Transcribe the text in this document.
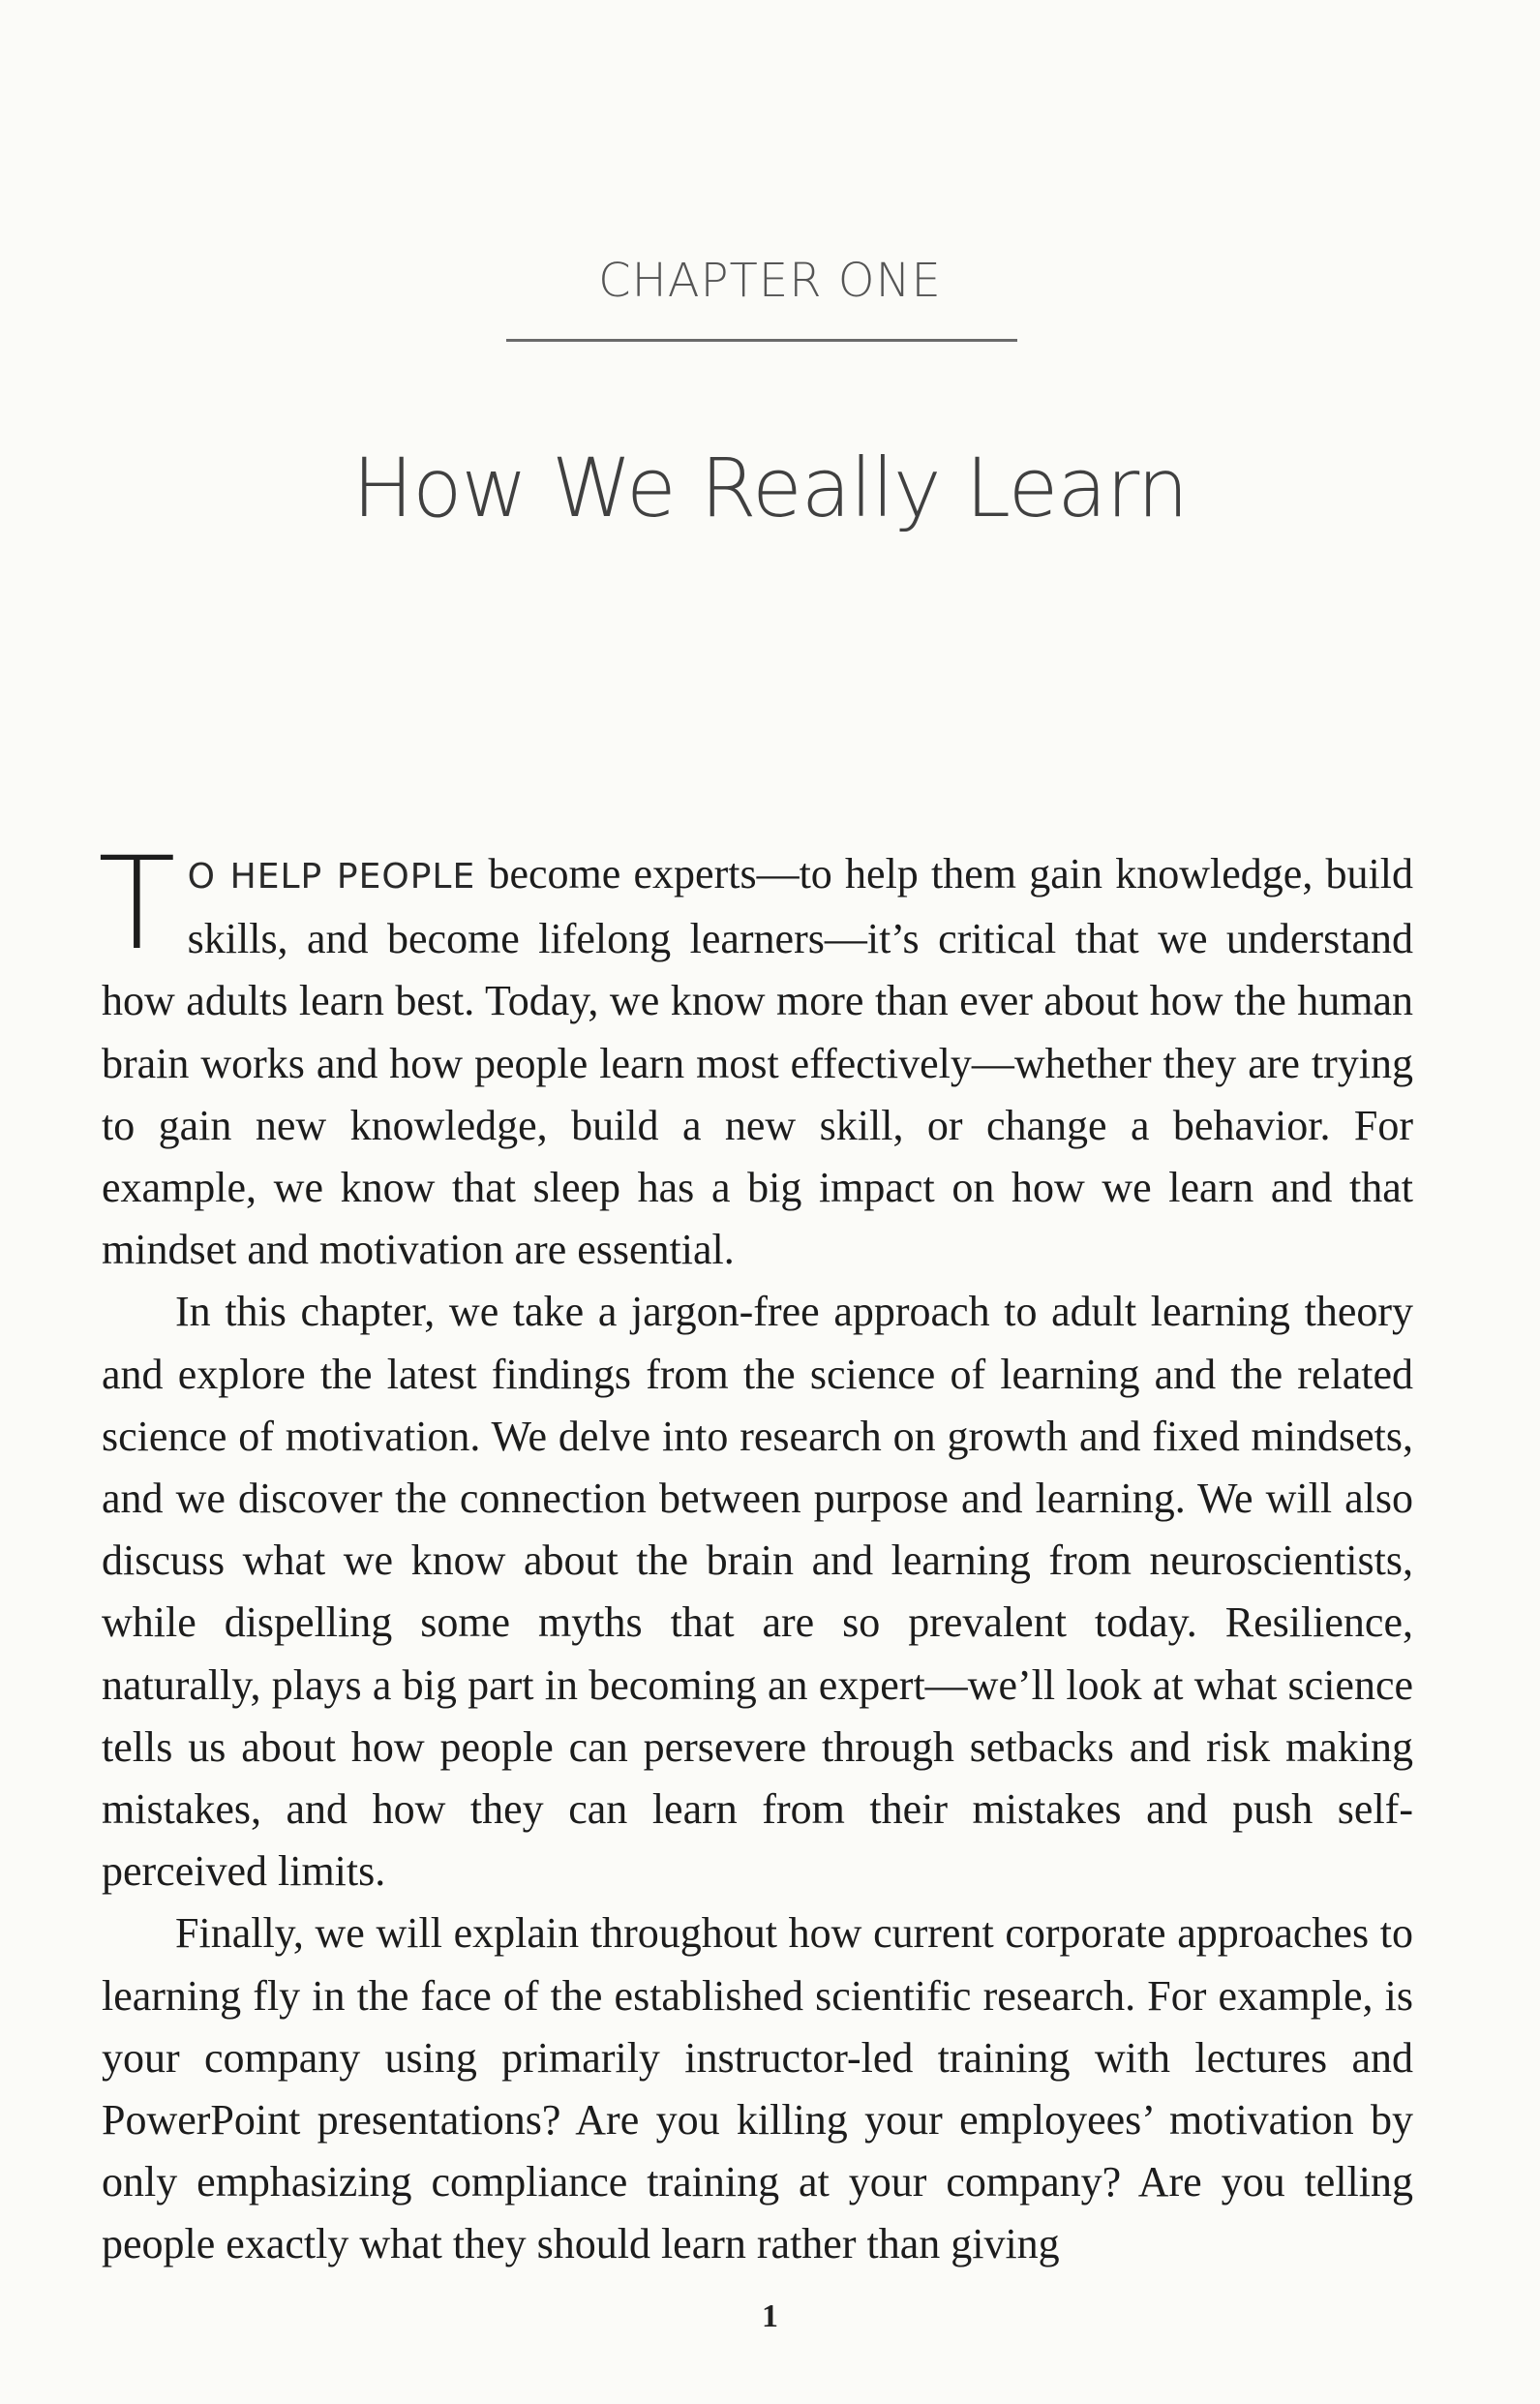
CHAPTER ONE
How We Really Learn

T O HELP PEOPLE become experts—to help them gain knowledge, build skills, and become lifelong learners—it’s critical that we understand how adults learn best. Today, we know more than ever about how the human brain works and how people learn most effectively—whether they are trying to gain new knowledge, build a new skill, or change a behavior. For example, we know that sleep has a big impact on how we learn and that mindset and motivation are essential.

In this chapter, we take a jargon-free approach to adult learning theory and explore the latest findings from the science of learning and the related science of motivation. We delve into research on growth and fixed mindsets, and we discover the connection between purpose and learning. We will also discuss what we know about the brain and learning from neuroscientists, while dispelling some myths that are so prevalent today. Resilience, naturally, plays a big part in becoming an expert—we’ll look at what science tells us about how people can persevere through setbacks and risk making mistakes, and how they can learn from their mistakes and push self-perceived limits.

Finally, we will explain throughout how current corporate approaches to learning fly in the face of the established scientific research. For example, is your company using primarily instructor-led training with lectures and PowerPoint presentations? Are you killing your employees’ motivation by only emphasizing compliance training at your company? Are you telling people exactly what they should learn rather than giving

1
